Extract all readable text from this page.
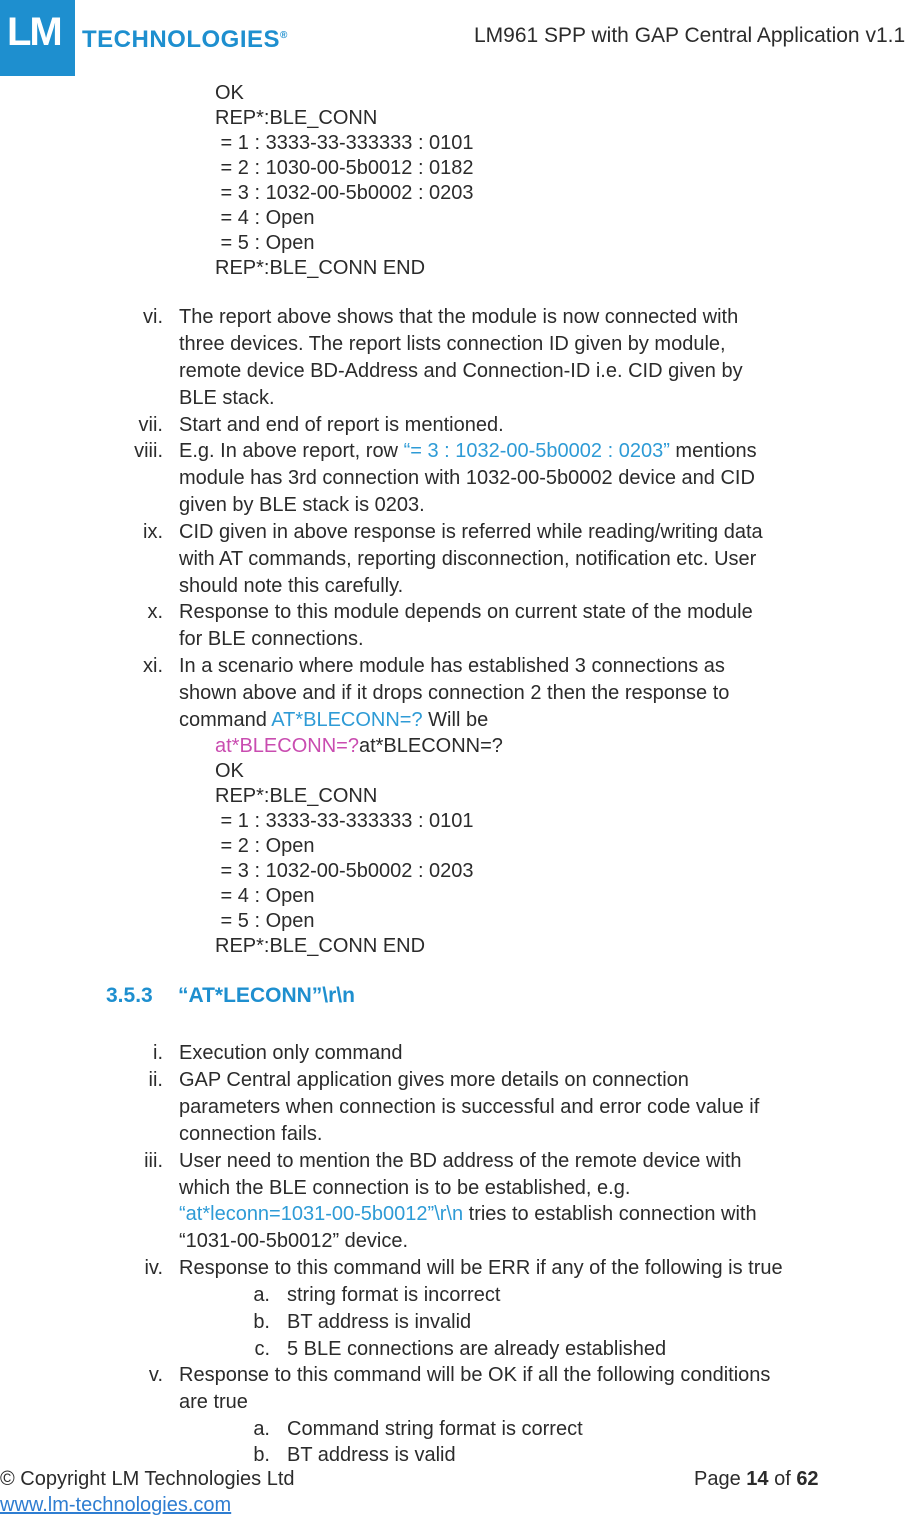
LM TECHNOLOGIES®	LM961 SPP with GAP Central Application v1.1
OK
REP*:BLE_CONN
= 1 : 3333-33-333333 : 0101
= 2 : 1030-00-5b0012 : 0182
= 3 : 1032-00-5b0002 : 0203
= 4 : Open
= 5 : Open
REP*:BLE_CONN END
vi. The report above shows that the module is now connected with
three devices. The report lists connection ID given by module,
remote device BD-Address and Connection-ID i.e. CID given by
BLE stack.
vii. Start and end of report is mentioned.
viii. E.g. In above report, row “= 3 : 1032-00-5b0002 : 0203” mentions
module has 3rd connection with 1032-00-5b0002 device and CID
given by BLE stack is 0203.
ix. CID given in above response is referred while reading/writing data
with AT commands, reporting disconnection, notification etc. User
should note this carefully.
x. Response to this module depends on current state of the module
for BLE connections.
xi. In a scenario where module has established 3 connections as
shown above and if it drops connection 2 then the response to
command AT*BLECONN=? Will be
at*BLECONN=?at*BLECONN=?
OK
REP*:BLE_CONN
= 1 : 3333-33-333333 : 0101
= 2 : Open
= 3 : 1032-00-5b0002 : 0203
= 4 : Open
= 5 : Open
REP*:BLE_CONN END
3.5.3 “AT*LECONN”\r\n
i. Execution only command
ii. GAP Central application gives more details on connection
parameters when connection is successful and error code value if
connection fails.
iii. User need to mention the BD address of the remote device with
which the BLE connection is to be established, e.g.
“at*leconn=1031-00-5b0012”\r\n tries to establish connection with
“1031-00-5b0012” device.
iv. Response to this command will be ERR if any of the following is true
a. string format is incorrect
b. BT address is invalid
c. 5 BLE connections are already established
v. Response to this command will be OK if all the following conditions
are true
a. Command string format is correct
b. BT address is valid
© Copyright LM Technologies Ltd
www.lm-technologies.com
Page 14 of 62
